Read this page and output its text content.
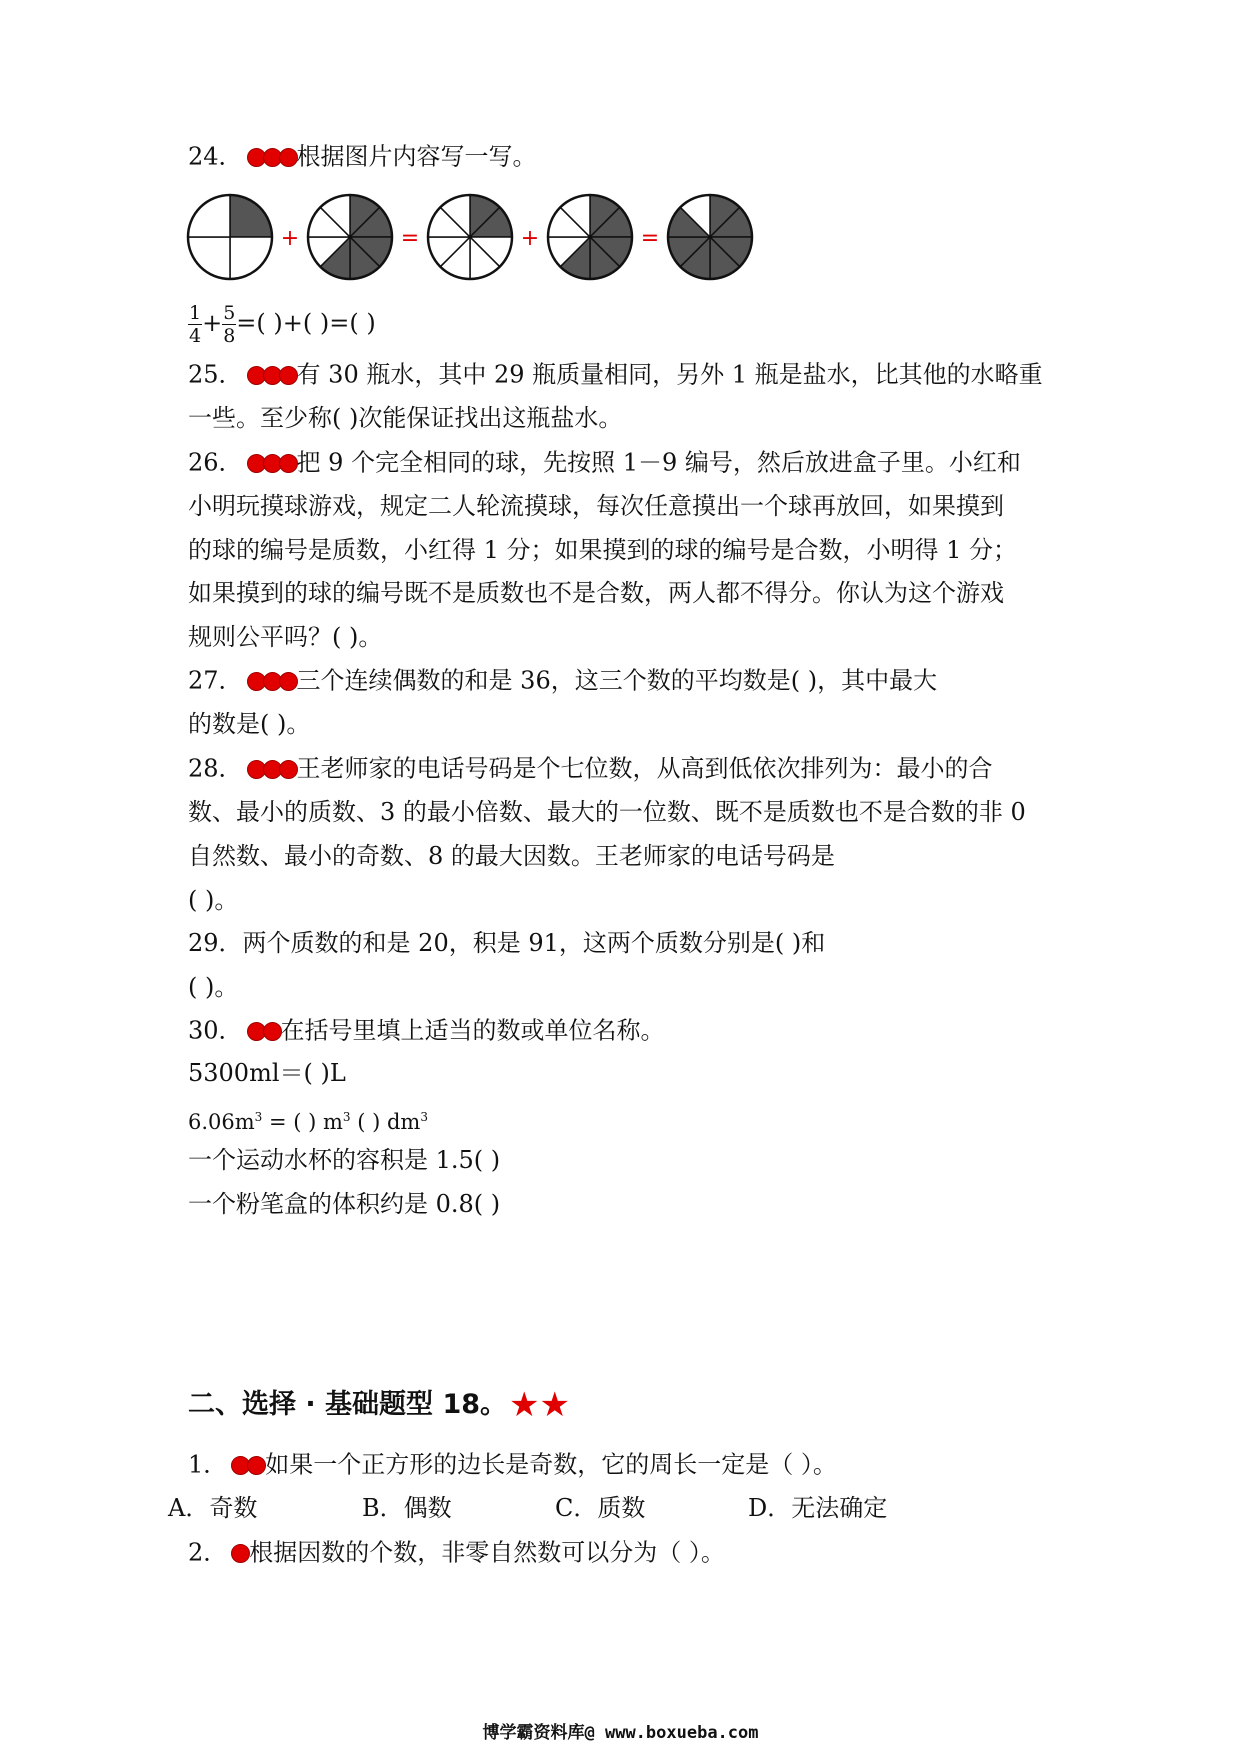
24． 根据图片内容写一写。
+	=	+	=
$\frac{1}{4} + \frac{5}{8}$ =( )+( )=( )
25． 有 30 瓶水，其中 29 瓶质量相同，另外 1 瓶是盐水，比其他的水略重
一些。至少称( )次能保证找出这瓶盐水。
26． 把 9 个完全相同的球，先按照 1－9 编号，然后放进盒子里。小红和
小明玩摸球游戏，规定二人轮流摸球，每次任意摸出一个球再放回，如果摸到
的球的编号是质数，小红得 1 分；如果摸到的球的编号是合数，小明得 1 分；
如果摸到的球的编号既不是质数也不是合数，两人都不得分。你认为这个游戏
规则公平吗？( )。
27． 三个连续偶数的和是 36，这三个数的平均数是( )，其中最大
的数是( )。
28． 王老师家的电话号码是个七位数，从高到低依次排列为：最小的合
数、最小的质数、3 的最小倍数、最大的一位数、既不是质数也不是合数的非 0
自然数、最小的奇数、8 的最大因数。王老师家的电话号码是
( )。
29．两个质数的和是 20，积是 91，这两个质数分别是( )和
( )。
30． 在括号里填上适当的数或单位名称。
5300ml＝( )L
$6.06m^3$ = ( ) $m^3$ ( ) $dm^3$
一个运动水杯的容积是 1.5( )
一个粉笔盒的体积约是 0.8( )
二、选择 · 基础题型 18。★★
1． 如果一个正方形的边长是奇数，它的周长一定是（ ）。
A．奇数	B．偶数	C．质数	D．无法确定
2． 根据因数的个数，非零自然数可以分为（ ）。
博学霸资料库@ www.boxueba.com
